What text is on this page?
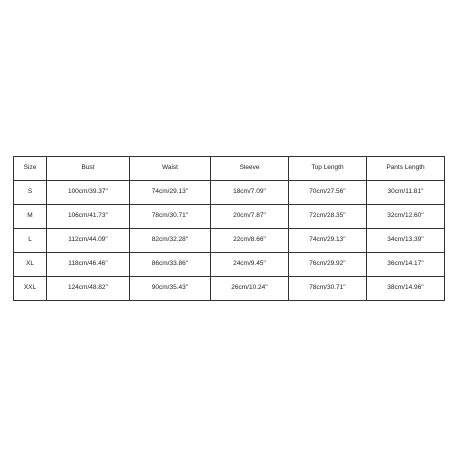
Size	Bust	Waist	Sleeve	Top Length	Pants Length
S	100cm/39.37''	74cm/29.13''	18cm/7.09''	70cm/27.56''	30cm/11.81''
M	106cm/41.73''	78cm/30.71''	20cm/7.87''	72cm/28.35''	32cm/12.60''
L	112cm/44.09''	82cm/32.28''	22cm/8.66''	74cm/29.13''	34cm/13.39''
XL	118cm/46.46''	86cm/33.86''	24cm/9.45''	76cm/29.92''	36cm/14.17''
XXL	124cm/48.82''	90cm/35.43''	26cm/10.24''	78cm/30.71''	38cm/14.96''
